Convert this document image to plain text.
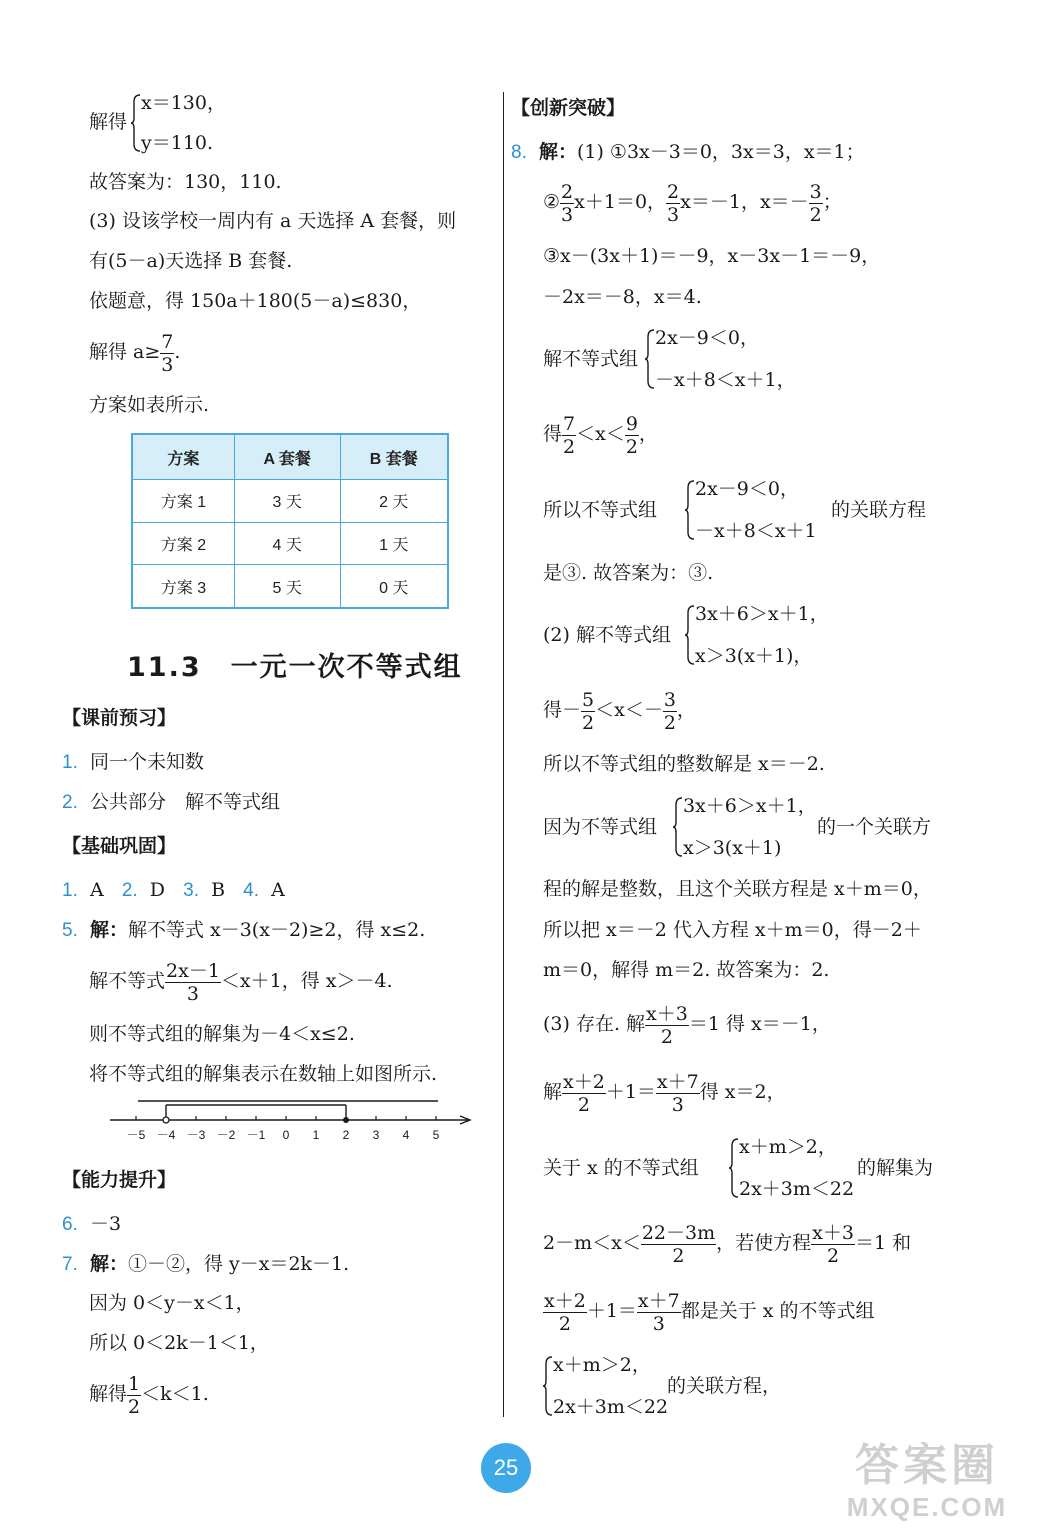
解得
x＝130，
y＝110.
故答案为：130，110.
(3) 设该学校一周内有 a 天选择 A 套餐，则
有(5－a)天选择 B 套餐.
依题意，得 150a＋180(5－a)≤830，
解得 $a\ge \frac{7}{3}$ .
方案如表所示.
方案	A 套餐	B 套餐
方案 1	3 天	2 天
方案 2	4 天	1 天
方案 3	5 天	0 天
11.3　一元一次不等式组
【课前预习】
1. 同一个未知数
2. 公共部分　解不等式组
【基础巩固】
1. A 2. D 3. B 4. A
5. 解：解不等式 x－3(x－2)≥2，得 x≤2.
解不等式 $\frac{2x-1}{3} <x+1$，得 x＞－4.
则不等式组的解集为－4＜x≤2.
将不等式组的解集表示在数轴上如图所示.
－5 －4 －3 －2 －1 0 1 2 3 4 5
【能力提升】
6. －3
7. 解：①－②，得 y－x＝2k－1.
因为 0＜y－x＜1，
所以 0＜2k－1＜1，
解得 $\frac{1}{2} <k<1$.
【创新突破】
8. 解：(1) ①3x－3＝0，3x＝3，x＝1；
② $\frac{2}{3} x+1=0$， $\frac{2}{3} x=-1$，$x=- \frac{3}{2}$ ；
③x－(3x＋1)＝－9，x－3x－1＝－9，
－2x＝－8，x＝4.
解不等式组
2x－9＜0，
－x＋8＜x＋1，
得 $\frac{7}{2} <x< \frac{9}{2}$ ，
所以不等式组
2x－9＜0，
－x＋8＜x＋1
的关联方程
是③. 故答案为：③.
(2) 解不等式组
3x＋6＞x＋1，
x＞3(x＋1)，
得－ $\frac{5}{2} <x<- \frac{3}{2}$ ，
所以不等式组的整数解是 x＝－2.
因为不等式组
3x＋6＞x＋1，
x＞3(x＋1)
的一个关联方
程的解是整数，且这个关联方程是 x＋m＝0，
所以把 x＝－2 代入方程 x＋m＝0，得－2＋
m＝0，解得 m＝2. 故答案为：2.
(3) 存在. 解 $\frac{x+3}{2} =1$ 得 x＝－1，
解 $\frac{x+2}{2} +1= \frac{x+7}{3}$ 得 x＝2，
关于 x 的不等式组
x＋m＞2，
2x＋3m＜22
的解集为
$2-m<x< \frac{22-3m}{2}$ ，若使方程 $\frac{x+3}{2} =1$ 和
$\frac{x+2}{2} +1= \frac{x+7}{3}$ 都是关于 x 的不等式组
x＋m＞2，
2x＋3m＜22
的关联方程，
25	答案圈
MXQE.COM
